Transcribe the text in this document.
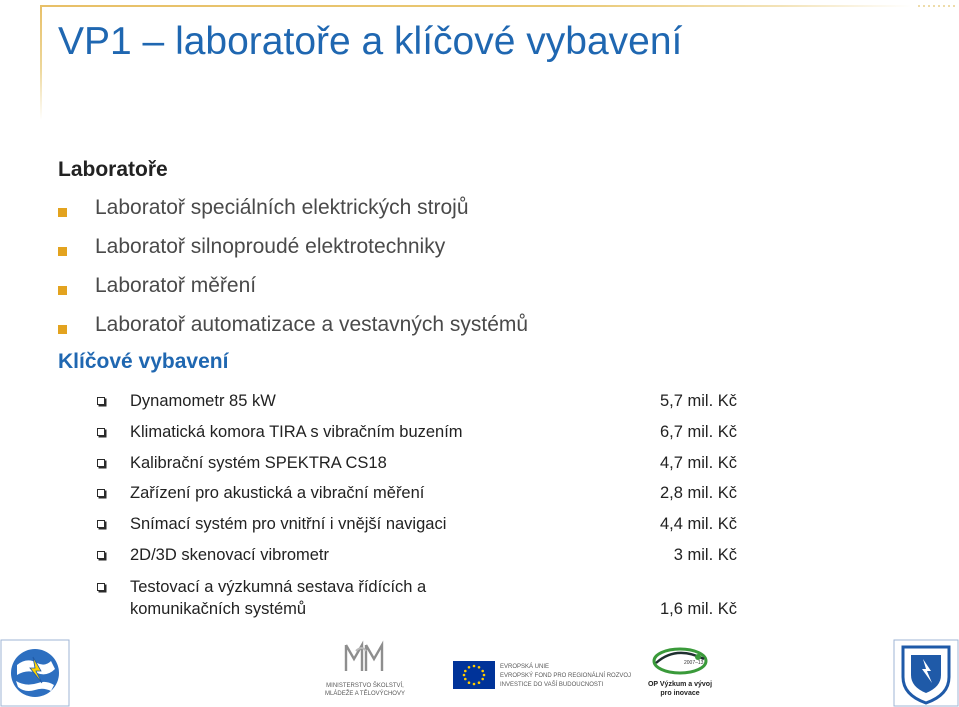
VP1 – laboratoře a klíčové vybavení
Laboratoře
Laboratoř speciálních elektrických strojů
Laboratoř silnoproudé elektrotechniky
Laboratoř měření
Laboratoř automatizace a vestavných systémů
Klíčové vybavení
Dynamometr 85 kW	5,7 mil. Kč
Klimatická komora TIRA s vibračním buzením	6,7 mil. Kč
Kalibrační systém SPEKTRA CS18	4,7 mil. Kč
Zařízení pro akustická a vibrační měření	2,8 mil. Kč
Snímací systém pro vnitřní i vnější navigaci	4,4 mil. Kč
2D/3D skenovací vibrometr	3 mil. Kč
Testovací a výzkumná sestava řídících a
komunikačních systémů	1,6 mil. Kč
MINISTERSTVO ŠKOLSTVÍ,
MLÁDEŽE A TĚLOVÝCHOVY
EVROPSKÁ UNIE
EVROPSKÝ FOND PRO REGIONÁLNÍ ROZVOJ
INVESTICE DO VAŠÍ BUDOUCNOSTI
2007–13
OP Výzkum a vývoj
pro inovace
